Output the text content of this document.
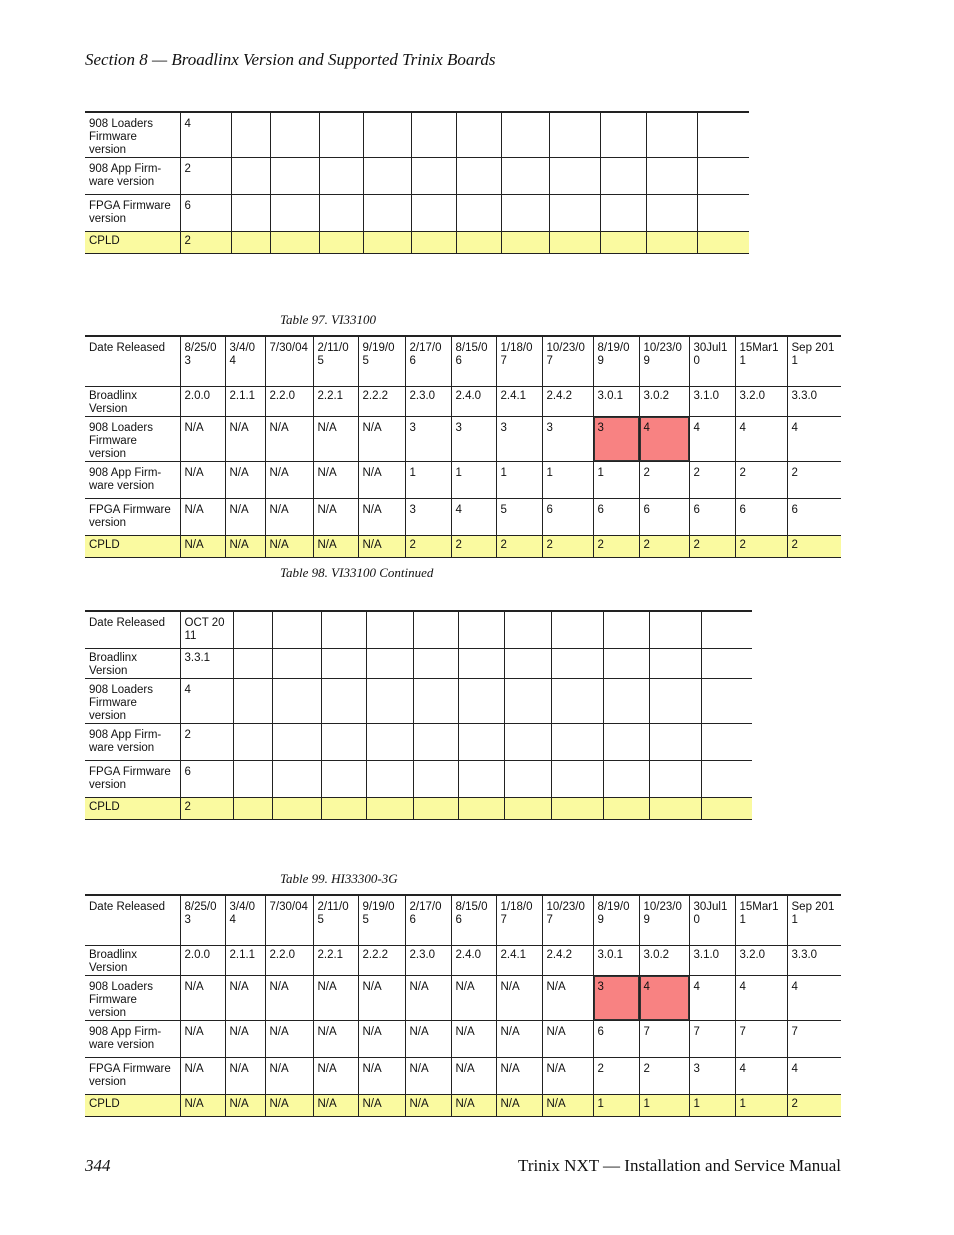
Section 8 — Broadlinx Version and Supported Trinix Boards
908 Loaders Firmware version	4											
908 App Firm-ware version	2											
FPGA Firmware version	6											
CPLD	2											
Table 97. VI33100
Date Released	8/25/03	3/4/04	7/30/04	2/11/05	9/19/05	2/17/06	8/15/06	1/18/07	10/23/07	8/19/09	10/23/09	30Jul10	15Mar11	Sep 2011
Broadlinx Version	2.0.0	2.1.1	2.2.0	2.2.1	2.2.2	2.3.0	2.4.0	2.4.1	2.4.2	3.0.1	3.0.2	3.1.0	3.2.0	3.3.0
908 Loaders Firmware version	N/A	N/A	N/A	N/A	N/A	3	3	3	3	3	4	4	4	4
908 App Firm-ware version	N/A	N/A	N/A	N/A	N/A	1	1	1	1	1	2	2	2	2
FPGA Firmware version	N/A	N/A	N/A	N/A	N/A	3	4	5	6	6	6	6	6	6
CPLD	N/A	N/A	N/A	N/A	N/A	2	2	2	2	2	2	2	2	2
Table 98. VI33100 Continued
Date Released	OCT 2011											
Broadlinx Version	3.3.1											
908 Loaders Firmware version	4											
908 App Firm-ware version	2											
FPGA Firmware version	6											
CPLD	2											
Table 99. HI33300-3G
Date Released	8/25/03	3/4/04	7/30/04	2/11/05	9/19/05	2/17/06	8/15/06	1/18/07	10/23/07	8/19/09	10/23/09	30Jul10	15Mar11	Sep 2011
Broadlinx Version	2.0.0	2.1.1	2.2.0	2.2.1	2.2.2	2.3.0	2.4.0	2.4.1	2.4.2	3.0.1	3.0.2	3.1.0	3.2.0	3.3.0
908 Loaders Firmware version	N/A	N/A	N/A	N/A	N/A	N/A	N/A	N/A	N/A	3	4	4	4	4
908 App Firm-ware version	N/A	N/A	N/A	N/A	N/A	N/A	N/A	N/A	N/A	6	7	7	7	7
FPGA Firmware version	N/A	N/A	N/A	N/A	N/A	N/A	N/A	N/A	N/A	2	2	3	4	4
CPLD	N/A	N/A	N/A	N/A	N/A	N/A	N/A	N/A	N/A	1	1	1	1	2
344	Trinix NXT — Installation and Service Manual
